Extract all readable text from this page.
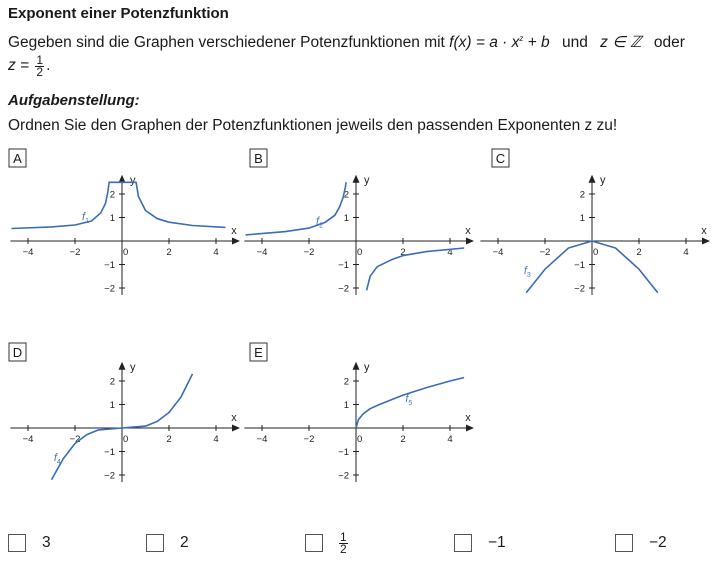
Exponent einer Potenzfunktion
Gegeben sind die Graphen verschiedener Potenzfunktionen mit $f(x) = a \cdot x^z + b$ und z ∈ ℤ oder
$z = \frac{1}{2}$ .
Aufgabenstellung:
Ordnen Sie den Graphen der Potenzfunktionen jeweils den passenden Exponenten z zu!
A
x
y
−4	−2	0	2	4
−2
−1
1
2
$f_1$
B
x
y
−4	−2	0	2	4
−2
−1
1
2
$f_2$
C
x
y
−4	−2	0	2	4
−2
−1
1
2
$f_3$
D
x
y
−4	−2	0	2	4
−2
−1
1
2
$f_4$
E
x
y
−4	−2	0	2	4
−2
−1
1
2
$f_5$
3	2	$\frac{1}{2}$	−1	−2
